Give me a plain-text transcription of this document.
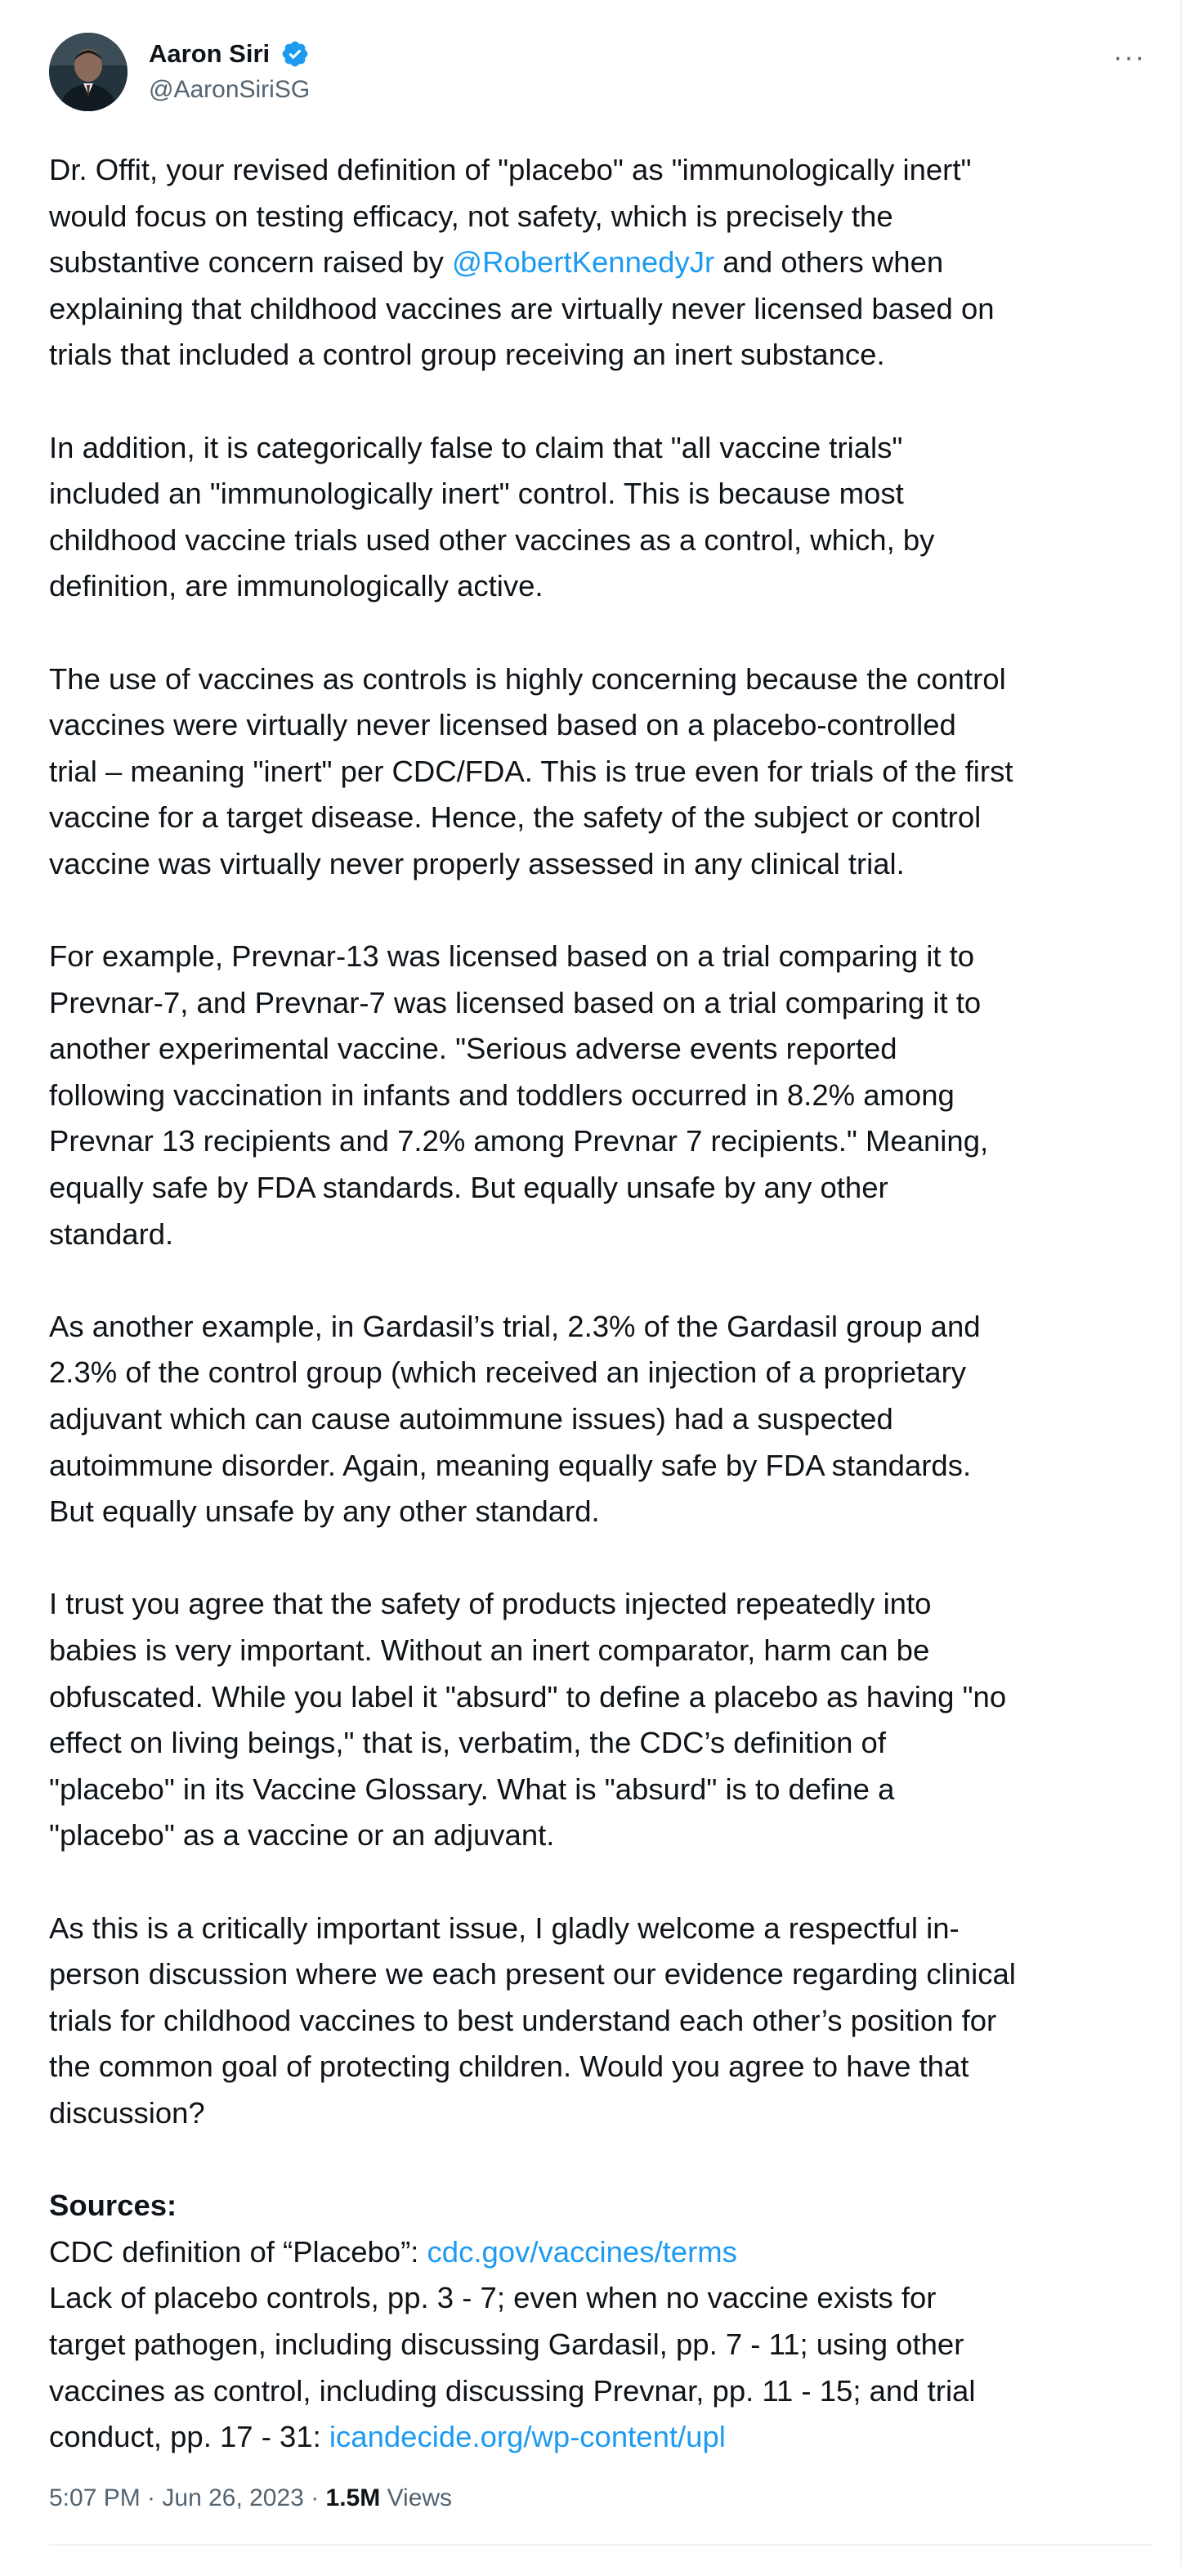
Aaron Siri
@AaronSiriSG
···

Dr. Offit, your revised definition of "placebo" as "immunologically inert"
would focus on testing efficacy, not safety, which is precisely the
substantive concern raised by @RobertKennedyJr and others when
explaining that childhood vaccines are virtually never licensed based on
trials that included a control group receiving an inert substance.

In addition, it is categorically false to claim that "all vaccine trials"
included an "immunologically inert" control. This is because most
childhood vaccine trials used other vaccines as a control, which, by
definition, are immunologically active.

The use of vaccines as controls is highly concerning because the control
vaccines were virtually never licensed based on a placebo-controlled
trial – meaning "inert" per CDC/FDA. This is true even for trials of the first
vaccine for a target disease. Hence, the safety of the subject or control
vaccine was virtually never properly assessed in any clinical trial.

For example, Prevnar-13 was licensed based on a trial comparing it to
Prevnar-7, and Prevnar-7 was licensed based on a trial comparing it to
another experimental vaccine. "Serious adverse events reported
following vaccination in infants and toddlers occurred in 8.2% among
Prevnar 13 recipients and 7.2% among Prevnar 7 recipients." Meaning,
equally safe by FDA standards. But equally unsafe by any other
standard.

As another example, in Gardasil’s trial, 2.3% of the Gardasil group and
2.3% of the control group (which received an injection of a proprietary
adjuvant which can cause autoimmune issues) had a suspected
autoimmune disorder. Again, meaning equally safe by FDA standards.
But equally unsafe by any other standard.

I trust you agree that the safety of products injected repeatedly into
babies is very important. Without an inert comparator, harm can be
obfuscated. While you label it "absurd" to define a placebo as having "no
effect on living beings," that is, verbatim, the CDC’s definition of
"placebo" in its Vaccine Glossary. What is "absurd" is to define a
"placebo" as a vaccine or an adjuvant.

As this is a critically important issue, I gladly welcome a respectful in-
person discussion where we each present our evidence regarding clinical
trials for childhood vaccines to best understand each other’s position for
the common goal of protecting children. Would you agree to have that
discussion?

Sources:
CDC definition of “Placebo”: cdc.gov/vaccines/terms
Lack of placebo controls, pp. 3 - 7; even when no vaccine exists for
target pathogen, including discussing Gardasil, pp. 7 - 11; using other
vaccines as control, including discussing Prevnar, pp. 11 - 15; and trial
conduct, pp. 17 - 31: icandecide.org/wp-content/upl

5:07 PM · Jun 26, 2023 · 1.5M Views
